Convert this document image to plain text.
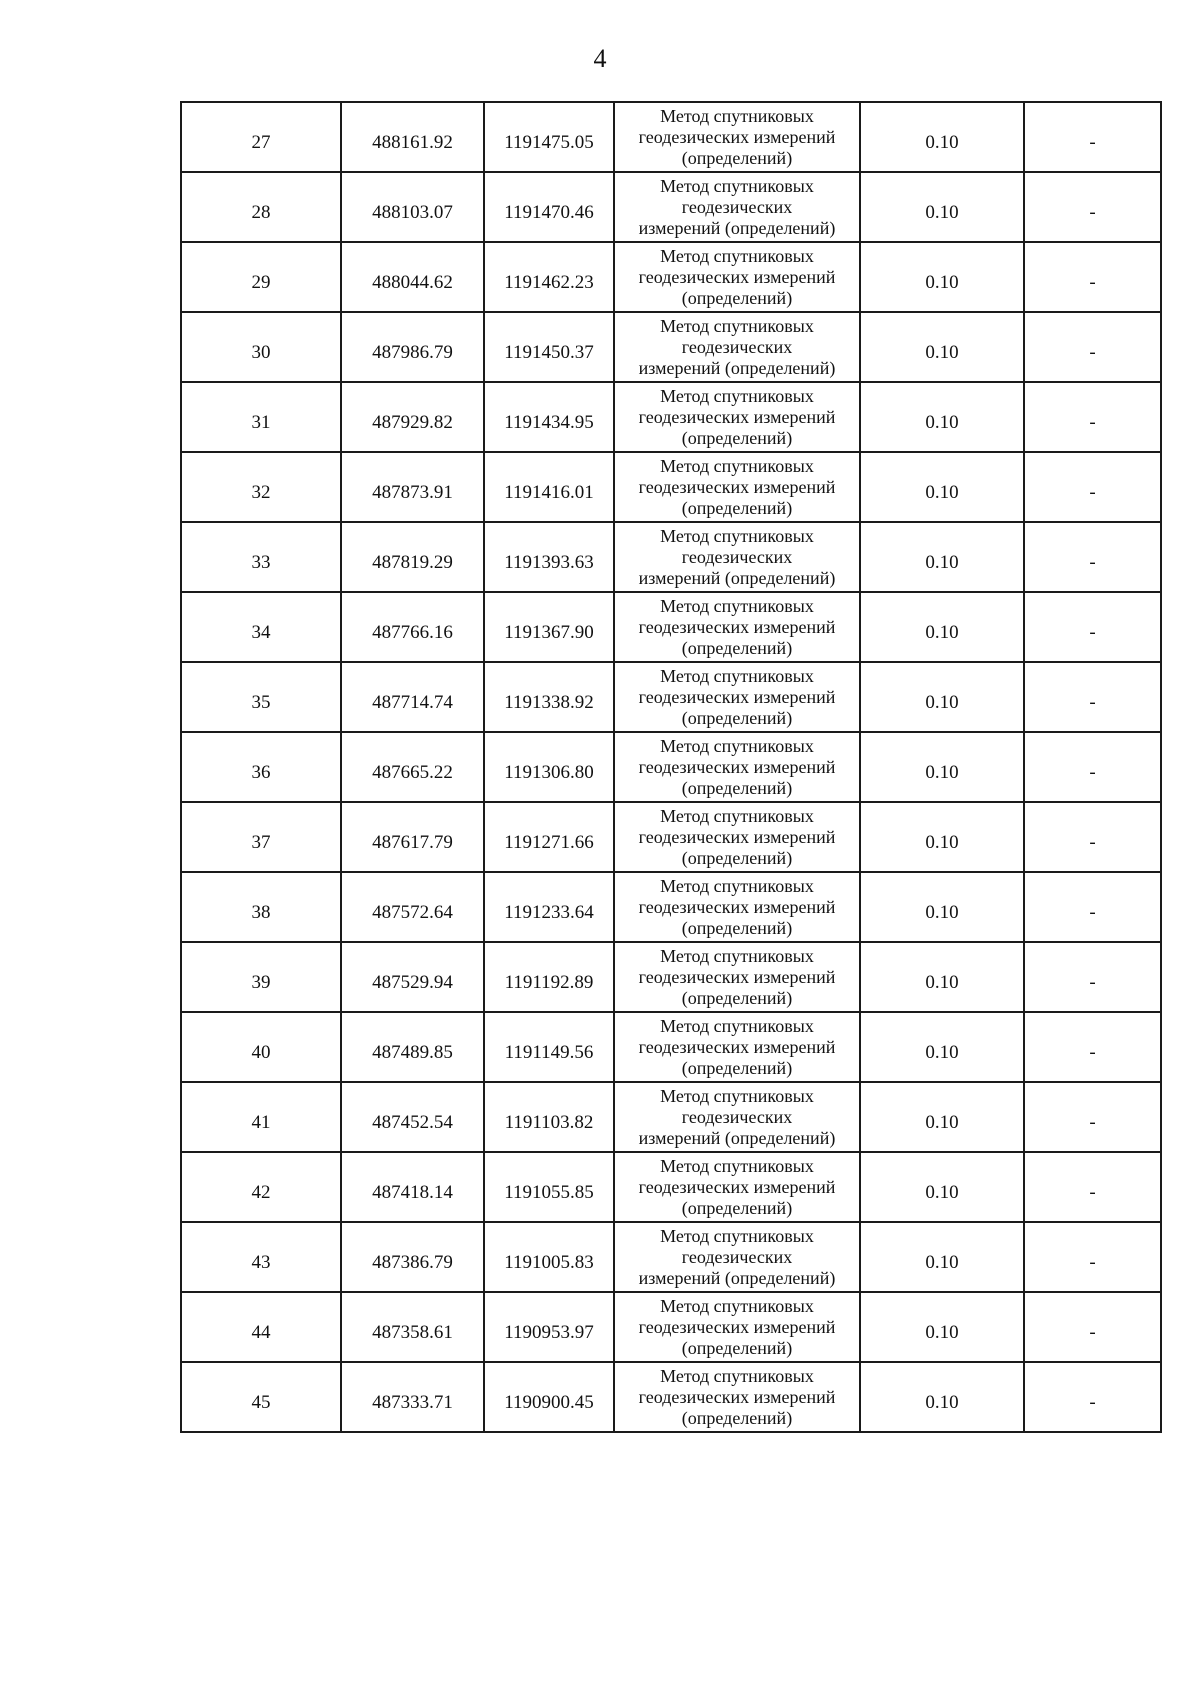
4
27	488161.92	1191475.05	Метод спутниковых
геодезических измерений
(определений)	0.10	-
28	488103.07	1191470.46	Метод спутниковых
геодезических
измерений (определений)	0.10	-
29	488044.62	1191462.23	Метод спутниковых
геодезических измерений
(определений)	0.10	-
30	487986.79	1191450.37	Метод спутниковых
геодезических
измерений (определений)	0.10	-
31	487929.82	1191434.95	Метод спутниковых
геодезических измерений
(определений)	0.10	-
32	487873.91	1191416.01	Метод спутниковых
геодезических измерений
(определений)	0.10	-
33	487819.29	1191393.63	Метод спутниковых
геодезических
измерений (определений)	0.10	-
34	487766.16	1191367.90	Метод спутниковых
геодезических измерений
(определений)	0.10	-
35	487714.74	1191338.92	Метод спутниковых
геодезических измерений
(определений)	0.10	-
36	487665.22	1191306.80	Метод спутниковых
геодезических измерений
(определений)	0.10	-
37	487617.79	1191271.66	Метод спутниковых
геодезических измерений
(определений)	0.10	-
38	487572.64	1191233.64	Метод спутниковых
геодезических измерений
(определений)	0.10	-
39	487529.94	1191192.89	Метод спутниковых
геодезических измерений
(определений)	0.10	-
40	487489.85	1191149.56	Метод спутниковых
геодезических измерений
(определений)	0.10	-
41	487452.54	1191103.82	Метод спутниковых
геодезических
измерений (определений)	0.10	-
42	487418.14	1191055.85	Метод спутниковых
геодезических измерений
(определений)	0.10	-
43	487386.79	1191005.83	Метод спутниковых
геодезических
измерений (определений)	0.10	-
44	487358.61	1190953.97	Метод спутниковых
геодезических измерений
(определений)	0.10	-
45	487333.71	1190900.45	Метод спутниковых
геодезических измерений
(определений)	0.10	-
